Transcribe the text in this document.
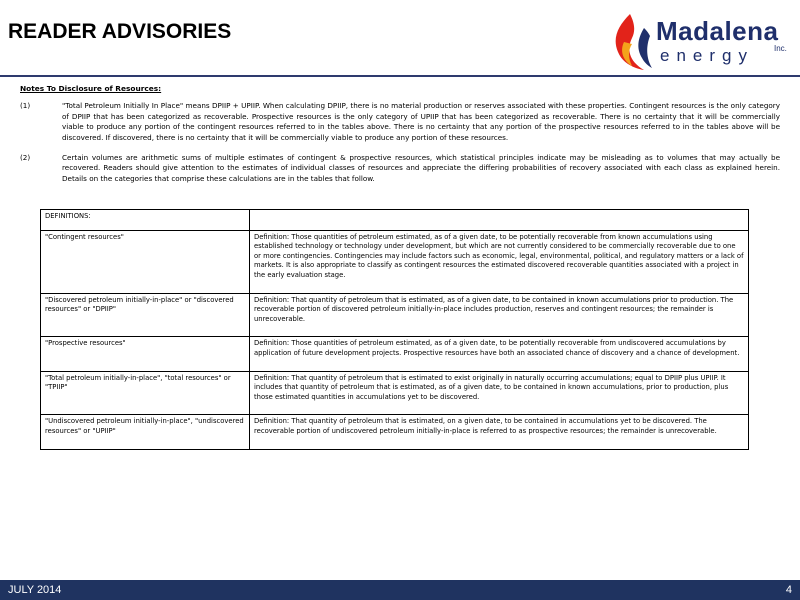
READER ADVISORIES	Madalena
energy	Inc.
Notes To Disclosure of Resources:
(1)	"Total Petroleum Initially In Place" means DPIIP + UPIIP. When calculating DPIIP, there is no material production or reserves associated with these properties. Contingent resources is the only category of DPIIP that has been categorized as recoverable. Prospective resources is the only category of UPIIP that has been categorized as recoverable. There is no certainty that it will be commercially viable to produce any portion of the contingent resources referred to in the tables above. There is no certainty that any portion of the prospective resources referred to in the tables above will be discovered. If discovered, there is no certainty that it will be commercially viable to produce any portion of these resources.
(2)	Certain volumes are arithmetic sums of multiple estimates of contingent & prospective resources, which statistical principles indicate may be misleading as to volumes that may actually be recovered. Readers should give attention to the estimates of individual classes of resources and appreciate the differing probabilities of recovery associated with each class as explained herein. Details on the categories that comprise these calculations are in the tables that follow.
DEFINITIONS:	
"Contingent resources"	Definition: Those quantities of petroleum estimated, as of a given date, to be potentially recoverable from known accumulations using established technology or technology under development, but which are not currently considered to be commercially recoverable due to one or more contingencies. Contingencies may include factors such as economic, legal, environmental, political, and regulatory matters or a lack of markets. It is also appropriate to classify as contingent resources the estimated discovered recoverable quantities associated with a project in the early evaluation stage.
"Discovered petroleum initially-in-place" or "discovered resources" or "DPIIP"	Definition: That quantity of petroleum that is estimated, as of a given date, to be contained in known accumulations prior to production. The recoverable portion of discovered petroleum initially-in-place includes production, reserves and contingent resources; the remainder is unrecoverable.
"Prospective resources"	Definition: Those quantities of petroleum estimated, as of a given date, to be potentially recoverable from undiscovered accumulations by application of future development projects. Prospective resources have both an associated chance of discovery and a chance of development.
"Total petroleum initially-in-place", "total resources" or "TPIIP"	Definition: That quantity of petroleum that is estimated to exist originally in naturally occurring accumulations; equal to DPIIP plus UPIIP. It includes that quantity of petroleum that is estimated, as of a given date, to be contained in known accumulations, prior to production, plus those estimated quantities in accumulations yet to be discovered.
"Undiscovered petroleum initially-in-place", "undiscovered resources" or "UPIIP"	Definition: That quantity of petroleum that is estimated, on a given date, to be contained in accumulations yet to be discovered. The recoverable portion of undiscovered petroleum initially-in-place is referred to as prospective resources; the remainder is unrecoverable.
JULY 2014	4
